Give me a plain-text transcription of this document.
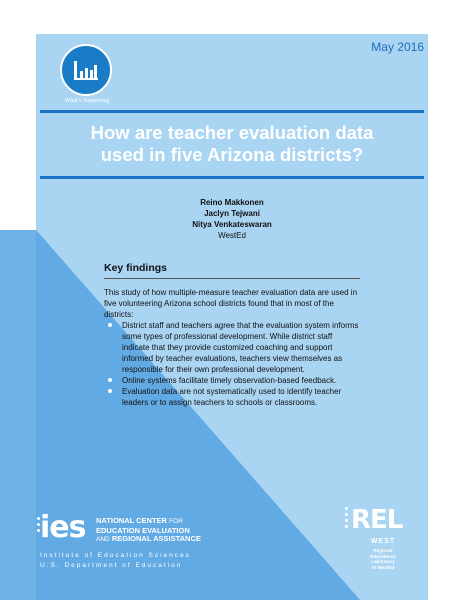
May 2016
What’s Happening
How are teacher evaluation data
used in five Arizona districts?
Reino Makkonen
Jaclyn Tejwani
Nitya Venkateswaran
WestEd
Key findings

This study of how multiple-measure teacher evaluation data are used in five volunteering Arizona school districts found that in most of the districts:

District staff and teachers agree that the evaluation system informs some types of professional development. While district staff indicate that they provide customized coaching and support informed by teacher evaluations, teachers view themselves as responsible for their own professional development.
Online systems facilitate timely observation-based feedback.
Evaluation data are not systematically used to identify teacher leaders or to assign teachers to schools or classrooms.
ies NATIONAL CENTER FOR
EDUCATION EVALUATION
AND REGIONAL ASSISTANCE
Institute of Education Sciences
U.S. Department of Education
REL
WEST
Regional Educational Laboratory
At WestEd
